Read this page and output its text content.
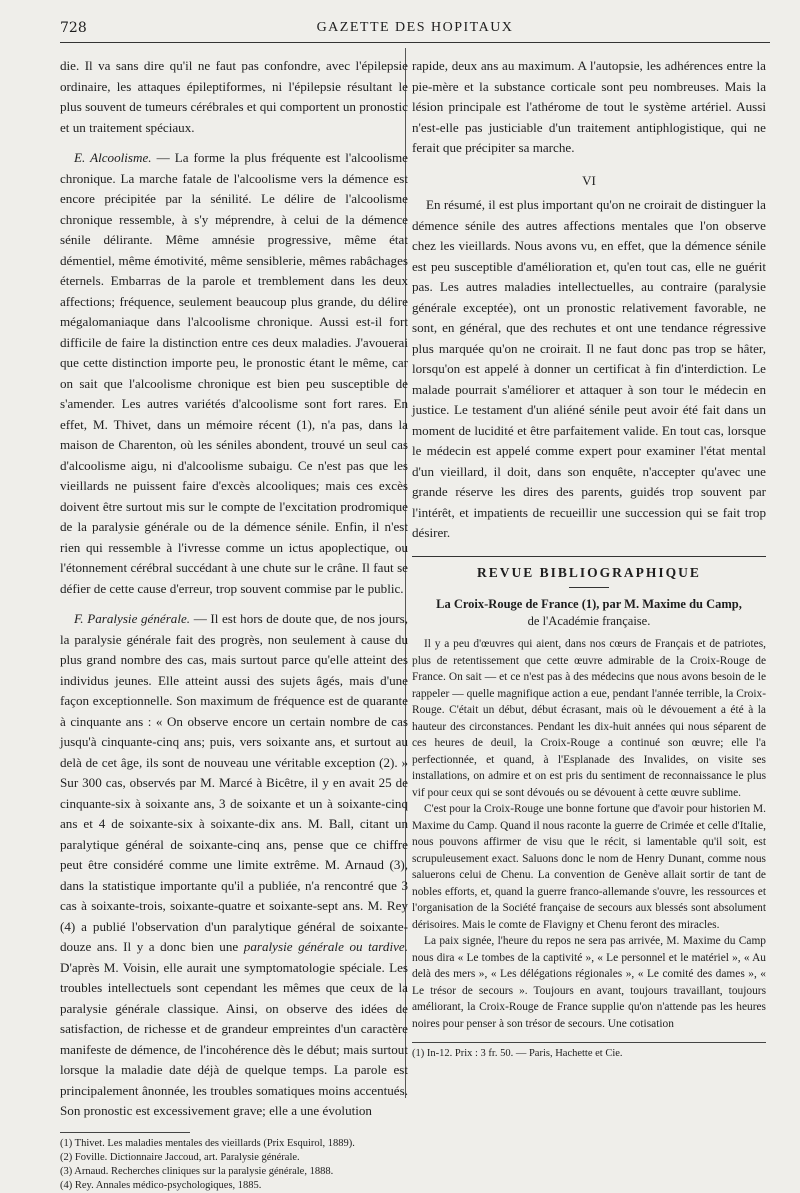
728	GAZETTE DES HOPITAUX

die. Il va sans dire qu'il ne faut pas confondre, avec l'épilepsie ordinaire, les attaques épileptiformes, ni l'épilepsie résultant le plus souvent de tumeurs cérébrales et qui comportent un pronostic et un traitement spéciaux.

E. Alcoolisme. — La forme la plus fréquente est l'alcoolisme chronique. La marche fatale de l'alcoolisme vers la démence est encore précipitée par la sénilité. Le délire de l'alcoolisme chronique ressemble, à s'y méprendre, à celui de la démence sénile délirante. Même amnésie progressive, même état démentiel, même émotivité, même sensiblerie, mêmes rabâchages éternels. Embarras de la parole et tremblement dans les deux affections; fréquence, seulement beaucoup plus grande, du délire mégalomaniaque dans l'alcoolisme chronique. Aussi est-il fort difficile de faire la distinction entre ces deux maladies. J'avouerai que cette distinction importe peu, le pronostic étant le même, car on sait que l'alcoolisme chronique est bien peu susceptible de s'amender. Les autres variétés d'alcoolisme sont fort rares. En effet, M. Thivet, dans un mémoire récent (1), n'a pas, dans la maison de Charenton, où les séniles abondent, trouvé un seul cas d'alcoolisme aigu, ni d'alcoolisme subaigu. Ce n'est pas que les vieillards ne puissent faire d'excès alcooliques; mais ces excès doivent être surtout mis sur le compte de l'excitation prodromique de la paralysie générale ou de la démence sénile. Enfin, il n'est rien qui ressemble à l'ivresse comme un ictus apoplectique, ou l'étonnement cérébral succédant à une chute sur le crâne. Il faut se défier de cette cause d'erreur, trop souvent commise par le public.

F. Paralysie générale. — Il est hors de doute que, de nos jours, la paralysie générale fait des progrès, non seulement à cause du plus grand nombre des cas, mais surtout parce qu'elle atteint des individus jeunes. Elle atteint aussi des sujets âgés, mais d'une façon exceptionnelle. Son maximum de fréquence est de quarante à cinquante ans : « On observe encore un certain nombre de cas jusqu'à cinquante-cinq ans; puis, vers soixante ans, et surtout au delà de cet âge, ils sont de nouveau une véritable exception (2). » Sur 300 cas, observés par M. Marcé à Bicêtre, il y en avait 25 de cinquante-six à soixante ans, 3 de soixante et un à soixante-cinq ans et 4 de soixante-six à soixante-dix ans. M. Ball, citant un paralytique général de soixante-cinq ans, pense que ce chiffre peut être considéré comme une limite extrême. M. Arnaud (3), dans la statistique importante qu'il a publiée, n'a rencontré que 3 cas à soixante-trois, soixante-quatre et soixante-sept ans. M. Rey (4) a publié l'observation d'un paralytique général de soixante-douze ans. Il y a donc bien une paralysie générale ou tardive. D'après M. Voisin, elle aurait une symptomatologie spéciale. Les troubles intellectuels sont cependant les mêmes que ceux de la paralysie générale classique. Ainsi, on observe des idées de satisfaction, de richesse et de grandeur empreintes d'un caractère manifeste de démence, de l'incohérence dès le début; mais surtout lorsque la maladie date déjà de quelque temps. La parole est principalement ânonnée, les troubles somatiques moins accentués. Son pronostic est excessivement grave; elle a une évolution

(1) Thivet. Les maladies mentales des vieillards (Prix Esquirol, 1889).
(2) Foville. Dictionnaire Jaccoud, art. Paralysie générale.
(3) Arnaud. Recherches cliniques sur la paralysie générale, 1888.
(4) Rey. Annales médico-psychologiques, 1885.

rapide, deux ans au maximum. A l'autopsie, les adhérences entre la pie-mère et la substance corticale sont peu nombreuses. Mais la lésion principale est l'athérome de tout le système artériel. Aussi n'est-elle pas justiciable d'un traitement antiphlogistique, qui ne ferait que précipiter sa marche.

VI

En résumé, il est plus important qu'on ne croirait de distinguer la démence sénile des autres affections mentales que l'on observe chez les vieillards. Nous avons vu, en effet, que la démence sénile est peu susceptible d'amélioration et, qu'en tout cas, elle ne guérit pas. Les autres maladies intellectuelles, au contraire (paralysie générale exceptée), ont un pronostic relativement favorable, ne sont, en général, que des rechutes et ont une tendance régressive plus marquée qu'on ne croirait. Il ne faut donc pas trop se hâter, lorsqu'on est appelé à donner un certificat à fin d'interdiction. Le malade pourrait s'améliorer et attaquer à son tour le médecin en justice. Le testament d'un aliéné sénile peut avoir été fait dans un moment de lucidité et être parfaitement valide. En tout cas, lorsque le médecin est appelé comme expert pour examiner l'état mental d'un vieillard, il doit, dans son enquête, n'accepter qu'avec une grande réserve les dires des parents, guidés trop souvent par l'intérêt, et impatients de recueillir une succession qui se fait trop désirer.

REVUE BIBLIOGRAPHIQUE
La Croix-Rouge de France (1), par M. Maxime du Camp,
de l'Académie française.

Il y a peu d'œuvres qui aient, dans nos cœurs de Français et de patriotes, plus de retentissement que cette œuvre admirable de la Croix-Rouge de France. On sait — et ce n'est pas à des médecins que nous avons besoin de le rappeler — quelle magnifique action a eue, pendant l'année terrible, la Croix-Rouge. C'était un début, début écrasant, mais où le dévouement a été à la hauteur des circonstances. Pendant les dix-huit années qui nous séparent de ces heures de deuil, la Croix-Rouge a continué son œuvre; elle l'a perfectionnée, et quand, à l'Esplanade des Invalides, on visite ses installations, on admire et on est pris du sentiment de reconnaissance le plus vif pour ceux qui se sont dévoués ou se dévouent à cette œuvre sublime.

C'est pour la Croix-Rouge une bonne fortune que d'avoir pour historien M. Maxime du Camp. Quand il nous raconte la guerre de Crimée et celle d'Italie, nous pouvons affirmer de visu que le récit, si lamentable qu'il soit, est scrupuleusement exact. Saluons donc le nom de Henry Dunant, comme nous saluerons celui de Chenu. La convention de Genève allait sortir de tant de nobles efforts, et, quand la guerre franco-allemande s'ouvre, les ressources et l'organisation de la Société française de secours aux blessés sont absolument dérisoires. Mais le comte de Flavigny et Chenu feront des miracles.

La paix signée, l'heure du repos ne sera pas arrivée, M. Maxime du Camp nous dira « Le tombes de la captivité », « Le personnel et le matériel », « Au delà des mers », « Les délégations régionales », « Le comité des dames », « Le trésor de secours ». Toujours en avant, toujours travaillant, toujours améliorant, la Croix-Rouge de France supplie qu'on n'attende pas les heures noires pour penser à son trésor de secours. Une cotisation

(1) In-12. Prix : 3 fr. 50. — Paris, Hachette et Cie.
